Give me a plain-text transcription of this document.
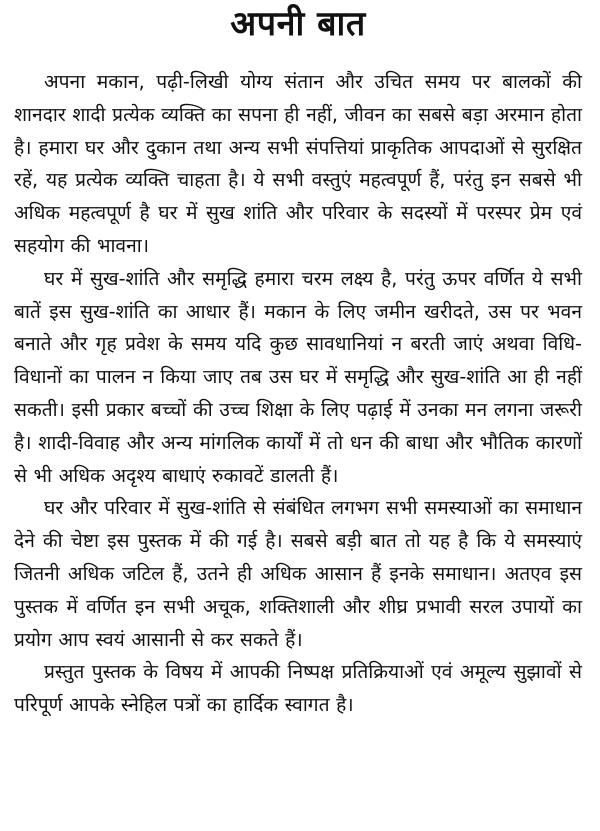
अपनी बात

अपना मकान, पढ़ी-लिखी योग्य संतान और उचित समय पर बालकों की शानदार शादी प्रत्येक व्यक्ति का सपना ही नहीं, जीवन का सबसे बड़ा अरमान होता है। हमारा घर और दुकान तथा अन्य सभी संपत्तियां प्राकृतिक आपदाओं से सुरक्षित रहें, यह प्रत्येक व्यक्ति चाहता है। ये सभी वस्तुएं महत्वपूर्ण हैं, परंतु इन सबसे भी अधिक महत्वपूर्ण है घर में सुख शांति और परिवार के सदस्यों में परस्पर प्रेम एवं सहयोग की भावना।

घर में सुख-शांति और समृद्धि हमारा चरम लक्ष्य है, परंतु ऊपर वर्णित ये सभी बातें इस सुख-शांति का आधार हैं। मकान के लिए जमीन खरीदते, उस पर भवन बनाते और गृह प्रवेश के समय यदि कुछ सावधानियां न बरती जाएं अथवा विधि-विधानों का पालन न किया जाए तब उस घर में समृद्धि और सुख-शांति आ ही नहीं सकती। इसी प्रकार बच्चों की उच्च शिक्षा के लिए पढ़ाई में उनका मन लगना जरूरी है। शादी-विवाह और अन्य मांगलिक कार्यों में तो धन की बाधा और भौतिक कारणों से भी अधिक अदृश्य बाधाएं रुकावटें डालती हैं।

घर और परिवार में सुख-शांति से संबंधित लगभग सभी समस्याओं का समाधान देने की चेष्टा इस पुस्तक में की गई है। सबसे बड़ी बात तो यह है कि ये समस्याएं जितनी अधिक जटिल हैं, उतने ही अधिक आसान हैं इनके समाधान। अतएव इस पुस्तक में वर्णित इन सभी अचूक, शक्तिशाली और शीघ्र प्रभावी सरल उपायों का प्रयोग आप स्वयं आसानी से कर सकते हैं।

प्रस्तुत पुस्तक के विषय में आपकी निष्पक्ष प्रतिक्रियाओं एवं अमूल्य सुझावों से परिपूर्ण आपके स्नेहिल पत्रों का हार्दिक स्वागत है।
